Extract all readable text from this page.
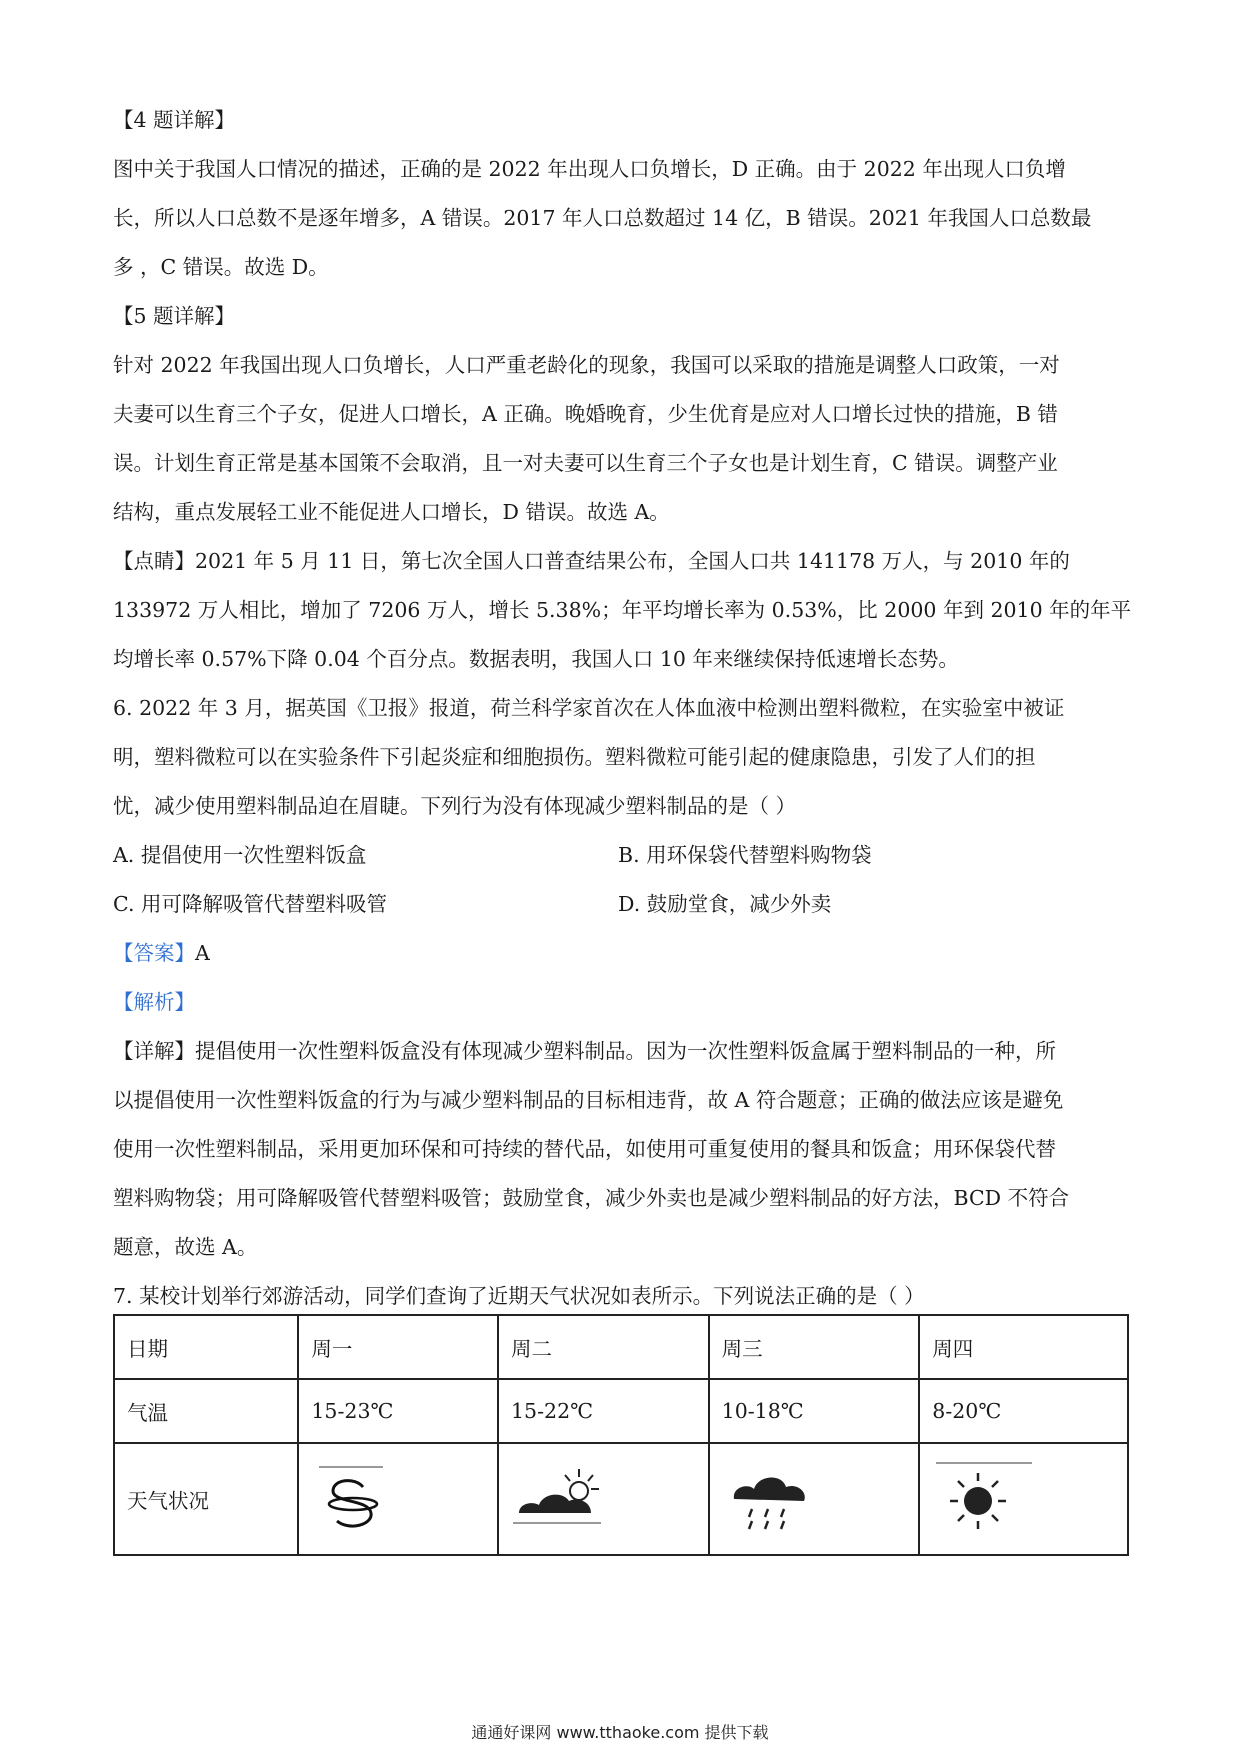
【4 题详解】

图中关于我国人口情况的描述，正确的是 2022 年出现人口负增长，D 正确。由于 2022 年出现人口负增

长，所以人口总数不是逐年增多，A 错误。2017 年人口总数超过 14 亿，B 错误。2021 年我国人口总数最

多 ，C 错误。故选 D。

【5 题详解】

针对 2022 年我国出现人口负增长，人口严重老龄化的现象，我国可以采取的措施是调整人口政策，一对

夫妻可以生育三个子女，促进人口增长，A 正确。晚婚晚育，少生优育是应对人口增长过快的措施，B 错

误。计划生育正常是基本国策不会取消，且一对夫妻可以生育三个子女也是计划生育，C 错误。调整产业

结构，重点发展轻工业不能促进人口增长，D 错误。故选 A。

【点睛】2021 年 5 月 11 日，第七次全国人口普查结果公布，全国人口共 141178 万人，与 2010 年的

133972 万人相比，增加了 7206 万人，增长 5.38%；年平均增长率为 0.53%，比 2000 年到 2010 年的年平

均增长率 0.57%下降 0.04 个百分点。数据表明，我国人口 10 年来继续保持低速增长态势。

6. 2022 年 3 月，据英国《卫报》报道，荷兰科学家首次在人体血液中检测出塑料微粒，在实验室中被证

明，塑料微粒可以在实验条件下引起炎症和细胞损伤。塑料微粒可能引起的健康隐患，引发了人们的担

忧，减少使用塑料制品迫在眉睫。下列行为没有体现减少塑料制品的是（ ）

A. 提倡使用一次性塑料饭盒	B. 用环保袋代替塑料购物袋
C. 用可降解吸管代替塑料吸管	D. 鼓励堂食，减少外卖

【答案】A

【解析】

【详解】提倡使用一次性塑料饭盒没有体现减少塑料制品。因为一次性塑料饭盒属于塑料制品的一种，所

以提倡使用一次性塑料饭盒的行为与减少塑料制品的目标相违背，故 A 符合题意；正确的做法应该是避免

使用一次性塑料制品，采用更加环保和可持续的替代品，如使用可重复使用的餐具和饭盒；用环保袋代替

塑料购物袋；用可降解吸管代替塑料吸管；鼓励堂食，减少外卖也是减少塑料制品的好方法，BCD 不符合

题意，故选 A。

7. 某校计划举行郊游活动，同学们查询了近期天气状况如表所示。下列说法正确的是（ ）

日期	周一	周二	周三	周四
气温	15-23℃	15-22℃	10-18℃	8-20℃
天气状况	

通通好课网 www.tthaoke.com 提供下载
